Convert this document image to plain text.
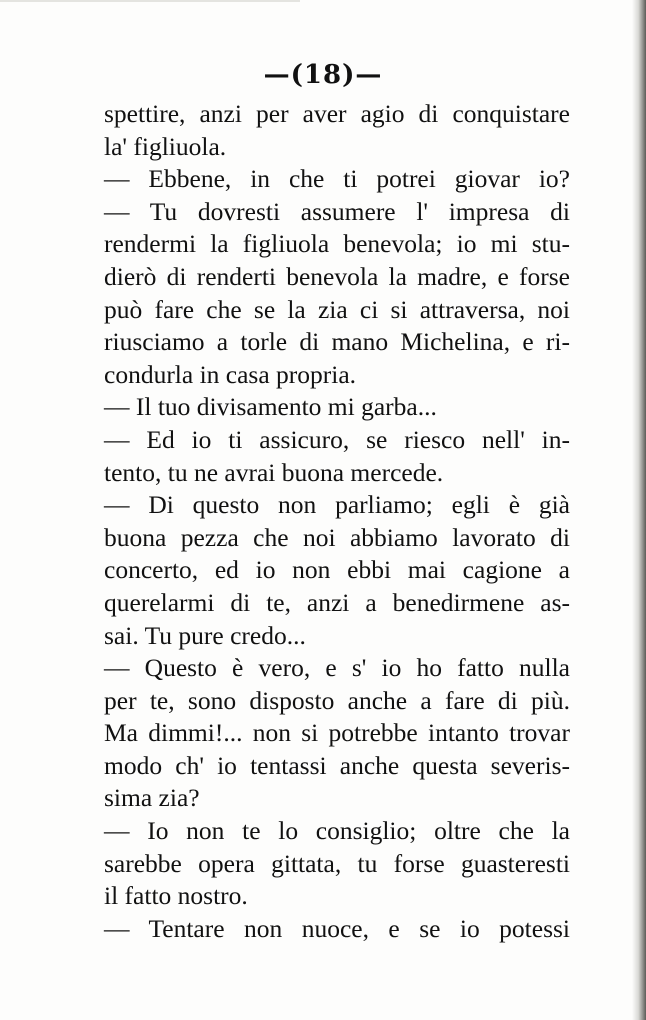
—(18)—
spettire, anzi per aver agio di conquistare
la' figliuola.
— Ebbene, in che ti potrei giovar io?
— Tu dovresti assumere l' impresa di
rendermi la figliuola benevola; io mi stu-
dierò di renderti benevola la madre, e forse
può fare che se la zia ci si attraversa, noi
riusciamo a torle di mano Michelina, e ri-
condurla in casa propria.
— Il tuo divisamento mi garba...
— Ed io ti assicuro, se riesco nell' in-
tento, tu ne avrai buona mercede.
— Di questo non parliamo; egli è già
buona pezza che noi abbiamo lavorato di
concerto, ed io non ebbi mai cagione a
querelarmi di te, anzi a benedirmene as-
sai. Tu pure credo...
— Questo è vero, e s' io ho fatto nulla
per te, sono disposto anche a fare di più.
Ma dimmi!... non si potrebbe intanto trovar
modo ch' io tentassi anche questa severis-
sima zia?
— Io non te lo consiglio; oltre che la
sarebbe opera gittata, tu forse guasteresti
il fatto nostro.
— Tentare non nuoce, e se io potessi
